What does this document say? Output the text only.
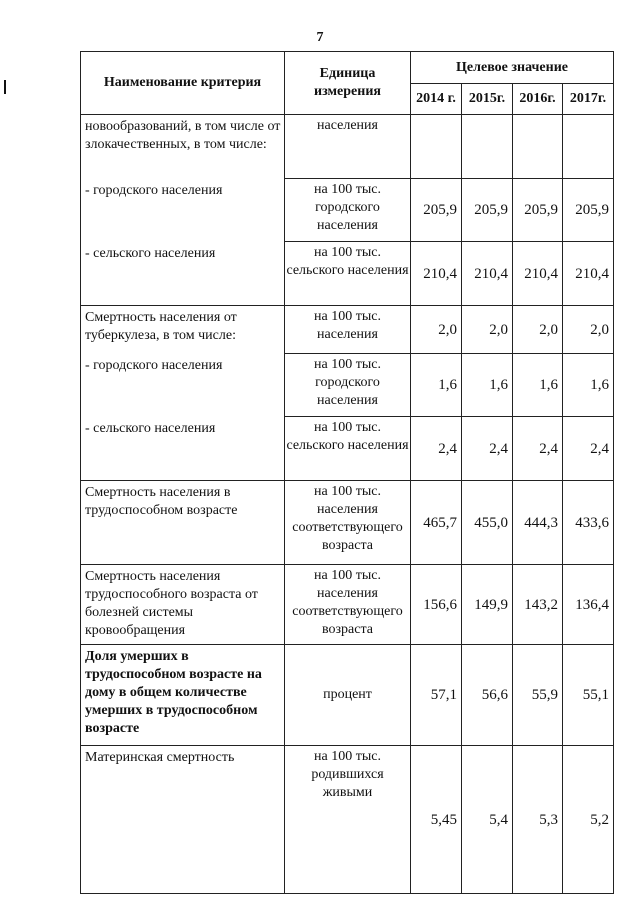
7
Наименование критерия	Единица измерения	Целевое значение			
		2014 г.	2015г.	2016г.	2017г.
новообразований, в том числе от злокачественных, в том числе:	населения				
- городского населения	на 100 тыс. городского населения	205,9	205,9	205,9	205,9
- сельского населения	на 100 тыс. сельского населения	210,4	210,4	210,4	210,4
Смертность населения от туберкулеза, в том числе:	на 100 тыс. населения	2,0	2,0	2,0	2,0
- городского населения	на 100 тыс. городского населения	1,6	1,6	1,6	1,6
- сельского населения	на 100 тыс. сельского населения	2,4	2,4	2,4	2,4
Смертность населения в трудоспособном возрасте	на 100 тыс. населения соответствующего возраста	465,7	455,0	444,3	433,6
Смертность населения трудоспособного возраста от болезней системы кровообращения	на 100 тыс. населения соответствующего возраста	156,6	149,9	143,2	136,4
Доля умерших в трудоспособном возрасте на дому в общем количестве умерших в трудоспособном возрасте	процент	57,1	56,6	55,9	55,1
Материнская смертность	на 100 тыс. родившихся живыми	5,45	5,4	5,3	5,2
